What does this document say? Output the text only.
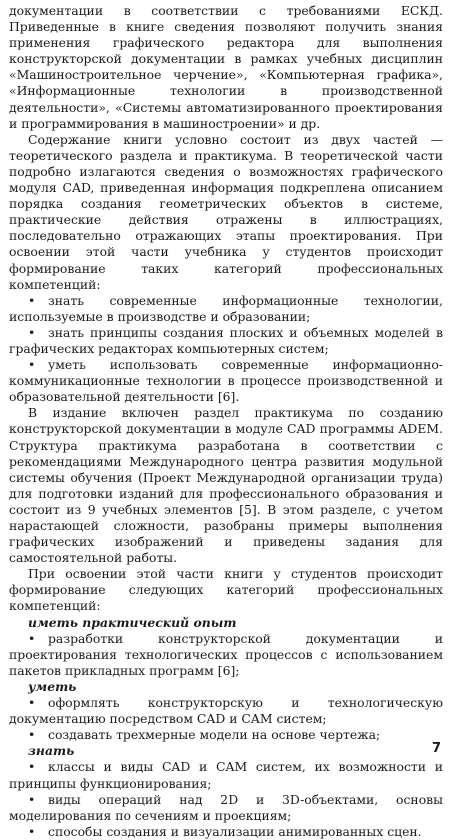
документации в соответствии с требованиями ЕСКД. Приведенные в книге сведения позволяют получить знания применения графического редактора для выполнения конструкторской документации в рамках учебных дисциплин «Машиностроительное черчение», «Компьютерная графика», «Информационные технологии в производственной деятельности», «Системы автоматизированного проектирования и программирования в машиностроении» и др.

Содержание книги условно состоит из двух частей — теоретического раздела и практикума. В теоретической части подробно излагаются сведения о возможностях графического модуля CAD, приведенная информация подкреплена описанием порядка создания геометрических объектов в системе, практические действия отражены в иллюстрациях, последовательно отражающих этапы проектирования. При освоении этой части учебника у студентов происходит формирование таких категорий профессиональных компетенций:

• знать современные информационные технологии, используемые в производстве и образовании;

• знать принципы создания плоских и объемных моделей в графических редакторах компьютерных систем;

• уметь использовать современные информационно-коммуникационные технологии в процессе производственной и образовательной деятельности [6].

В издание включен раздел практикума по созданию конструкторской документации в модуле CAD программы ADEM. Структура практикума разработана в соответствии с рекомендациями Международного центра развития модульной системы обучения (Проект Международной организации труда) для подготовки изданий для профессионального образования и состоит из 9 учебных элементов [5]. В этом разделе, с учетом нарастающей сложности, разобраны примеры выполнения графических изображений и приведены задания для самостоятельной работы.

При освоении этой части книги у студентов происходит формирование следующих категорий профессиональных компетенций:

иметь практический опыт

• разработки конструкторской документации и проектирования технологических процессов с использованием пакетов прикладных программ [6];

уметь

• оформлять конструкторскую и технологическую документацию посредством CAD и CAM систем;

• создавать трехмерные модели на основе чертежа;

знать

• классы и виды CAD и CAM систем, их возможности и принципы функционирования;

• виды операций над 2D и 3D-объектами, основы моделирования по сечениям и проекциям;

• способы создания и визуализации анимированных сцен.

7
